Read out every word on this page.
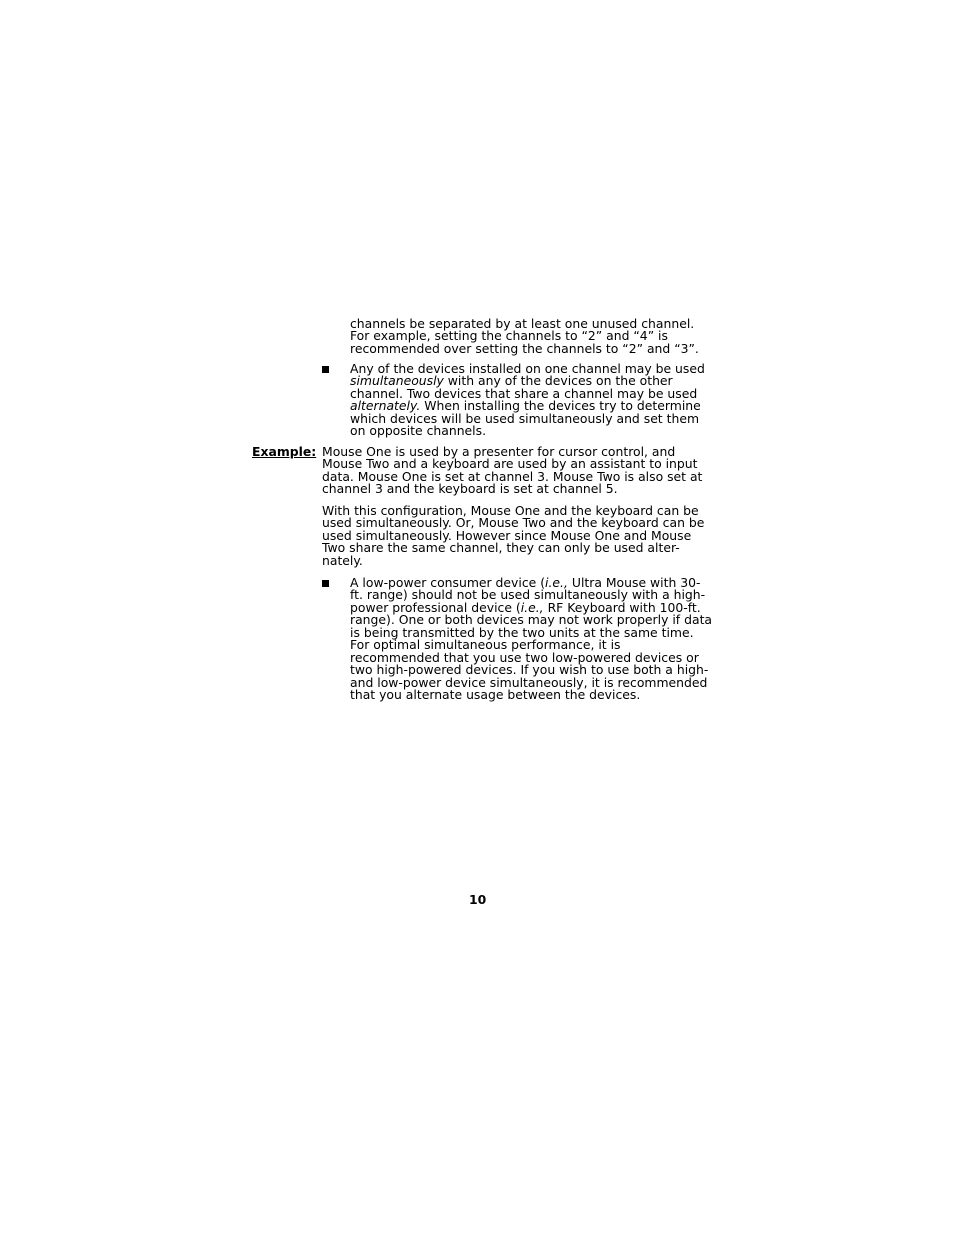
channels be separated by at least one unused channel.
For example, setting the channels to “2” and “4” is
recommended over setting the channels to “2” and “3”.
Any of the devices installed on one channel may be used
simultaneously with any of the devices on the other
channel. Two devices that share a channel may be used
alternately. When installing the devices try to determine
which devices will be used simultaneously and set them
on opposite channels.
Example: Mouse One is used by a presenter for cursor control, and
Mouse Two and a keyboard are used by an assistant to input
data. Mouse One is set at channel 3. Mouse Two is also set at
channel 3 and the keyboard is set at channel 5.
With this configuration, Mouse One and the keyboard can be
used simultaneously. Or, Mouse Two and the keyboard can be
used simultaneously. However since Mouse One and Mouse
Two share the same channel, they can only be used alter-
nately.
A low-power consumer device (i.e., Ultra Mouse with 30-
ft. range) should not be used simultaneously with a high-
power professional device (i.e., RF Keyboard with 100-ft.
range). One or both devices may not work properly if data
is being transmitted by the two units at the same time.
For optimal simultaneous performance, it is
recommended that you use two low-powered devices or
two high-powered devices. If you wish to use both a high-
and low-power device simultaneously, it is recommended
that you alternate usage between the devices.
10
